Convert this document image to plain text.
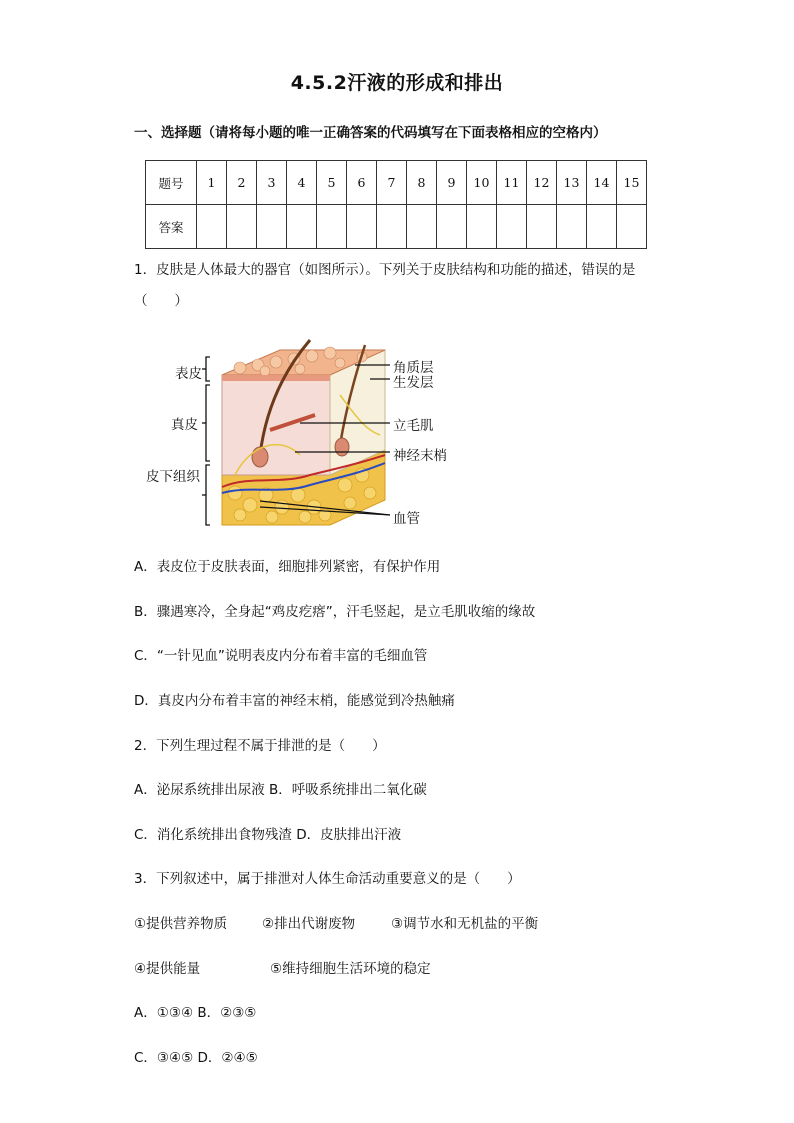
4.5.2汗液的形成和排出
一、选择题（请将每小题的唯一正确答案的代码填写在下面表格相应的空格内）
题号	1	2	3	4	5	6	7	8	9	10	11	12	13	14	15
答案															
1．皮肤是人体最大的器官（如图所示）。下列关于皮肤结构和功能的描述，错误的是
（　　）
表皮
真皮
皮下组织
角质层
生发层
立毛肌
神经末梢
血管
A．表皮位于皮肤表面，细胞排列紧密，有保护作用
B．骤遇寒冷，全身起“鸡皮疙瘩”，汗毛竖起，是立毛肌收缩的缘故
C．“一针见血”说明表皮内分布着丰富的毛细血管
D．真皮内分布着丰富的神经末梢，能感觉到冷热触痛
2．下列生理过程不属于排泄的是（　　）
A．泌尿系统排出尿液 B．呼吸系统排出二氧化碳
C．消化系统排出食物残渣 D．皮肤排出汗液
3．下列叙述中，属于排泄对人体生命活动重要意义的是（　　）
①提供营养物质	②排出代谢废物	③调节水和无机盐的平衡
④提供能量	⑤维持细胞生活环境的稳定
A．①③④ B．②③⑤
C．③④⑤ D．②④⑤
